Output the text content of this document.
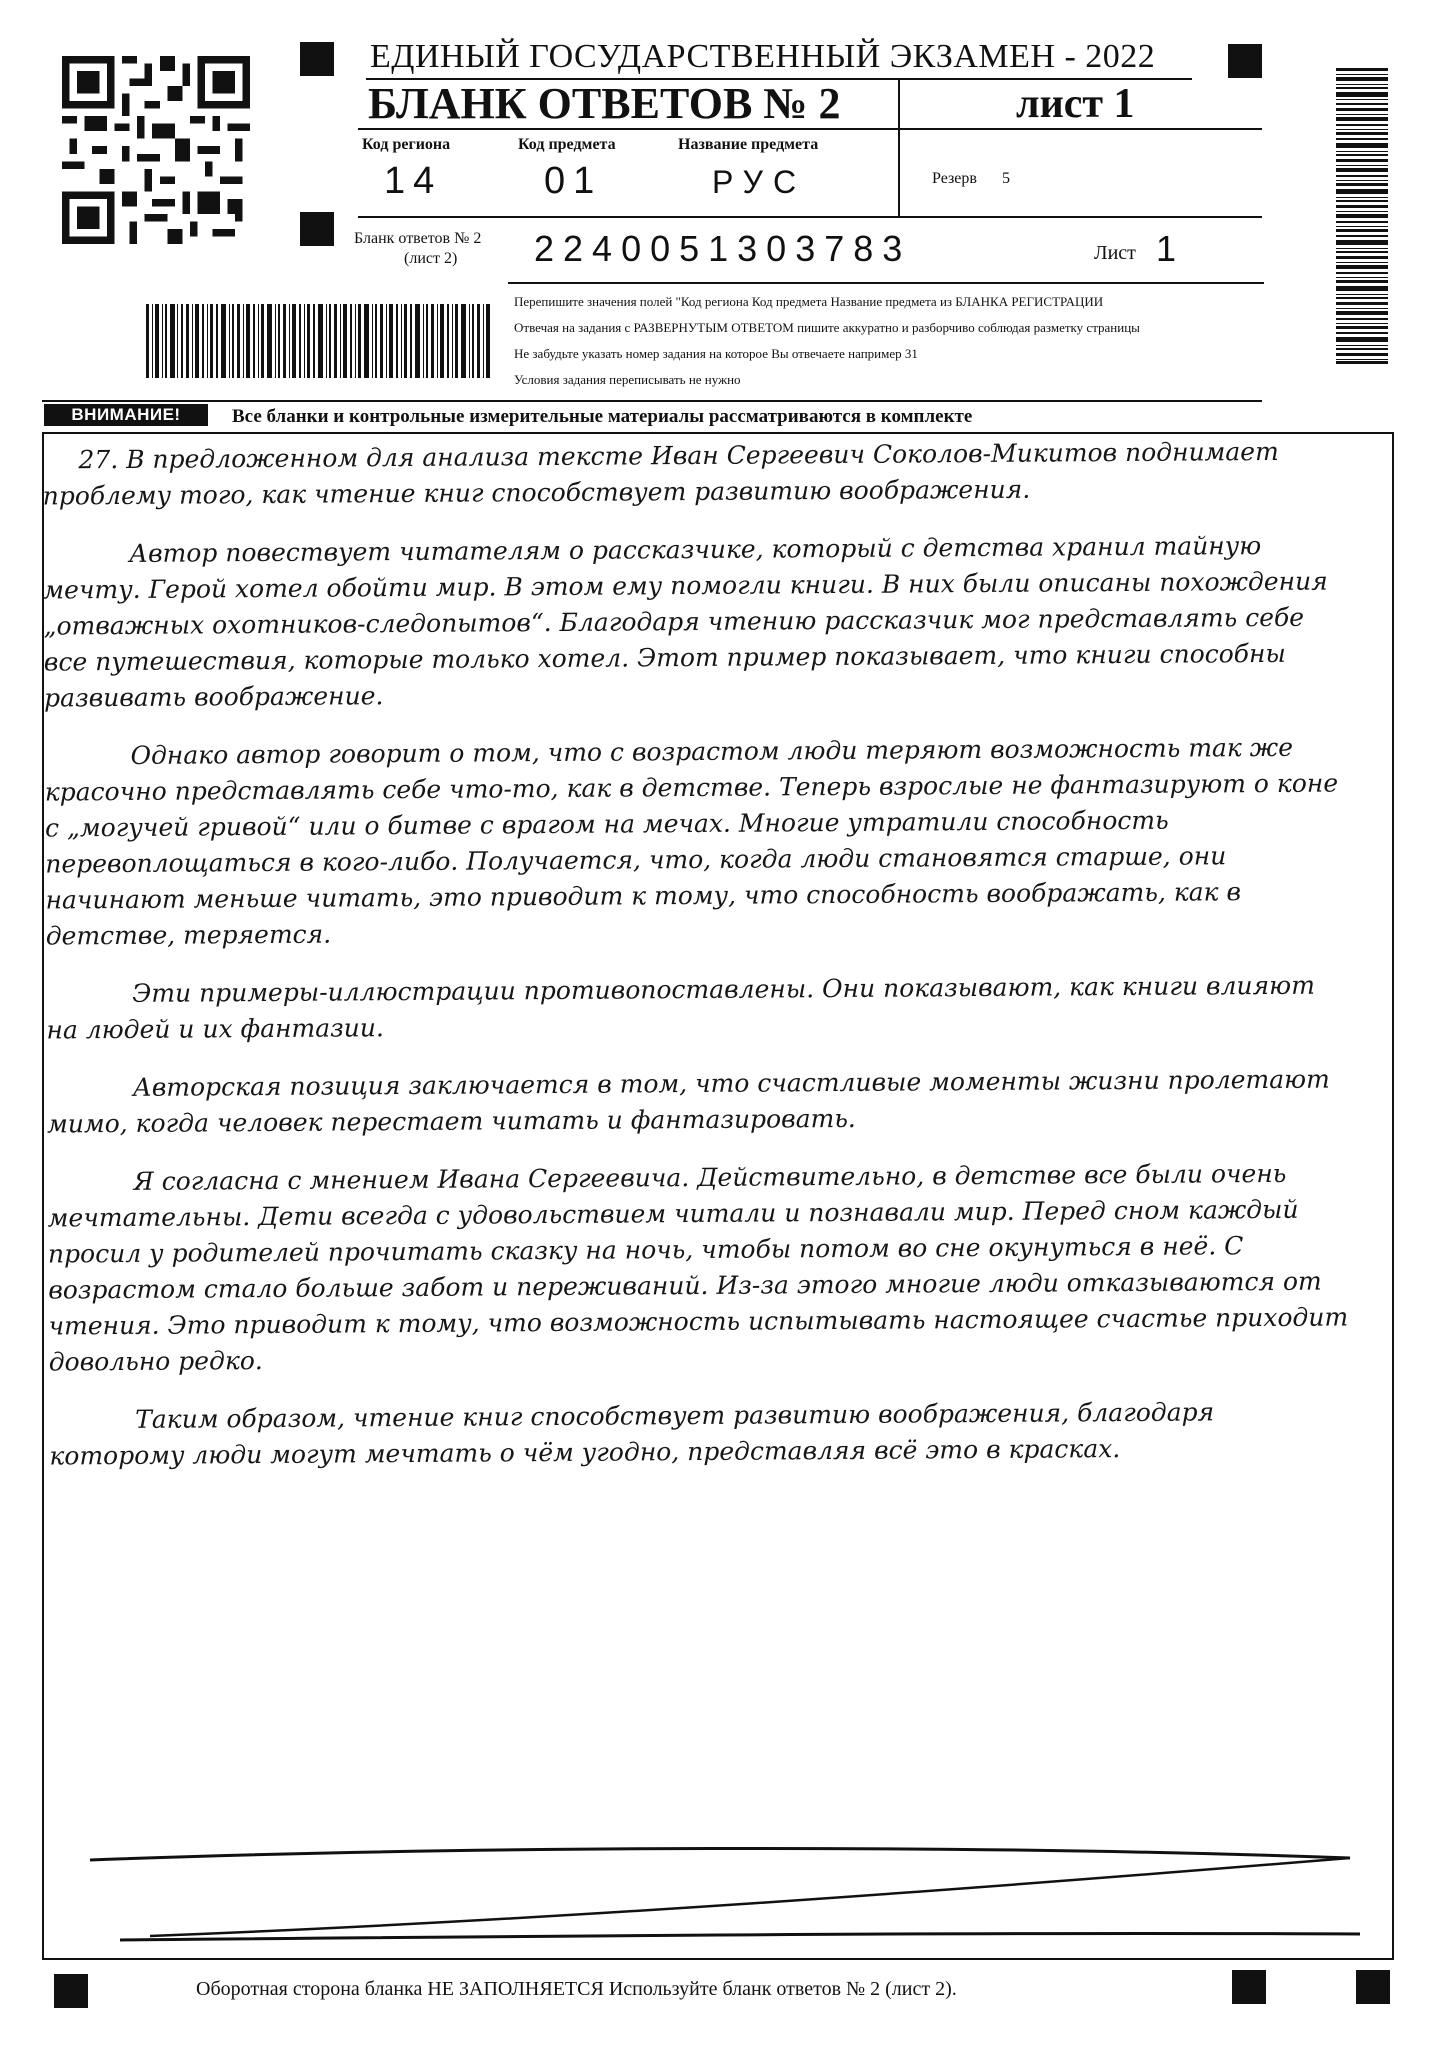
ЕДИНЫЙ ГОСУДАРСТВЕННЫЙ ЭКЗАМЕН - 2022
БЛАНК ОТВЕТОВ № 2	лист 1
Код региона
14
Код предмета
01
Название предмета
РУС	Резерв 5
Бланк ответов № 2
(лист 2) 2240051303783	Лист 1
Перепишите значения полей "Код региона Код предмета Название предмета из БЛАНКА РЕГИСТРАЦИИ
Отвечая на задания с РАЗВЕРНУТЫМ ОТВЕТОМ пишите аккуратно и разборчиво соблюдая разметку страницы
Не забудьте указать номер задания на которое Вы отвечаете например 31
Условия задания переписывать не нужно
ВНИМАНИЕ!	Все бланки и контрольные измерительные материалы рассматриваются в комплекте

27. В предложенном для анализа тексте Иван Сергеевич Соколов-Микитов поднимает проблему того, как чтение книг способствует развитию воображения.

Автор повествует читателям о рассказчике, который с детства хранил тайную мечту. Герой хотел обойти мир. В этом ему помогли книги. В них были описаны похождения „отважных охотников-следопытов“. Благодаря чтению рассказчик мог представлять себе все путешествия, которые только хотел. Этот пример показывает, что книги способны развивать воображение.

Однако автор говорит о том, что с возрастом люди теряют возможность так же красочно представлять себе что-то, как в детстве. Теперь взрослые не фантазируют о коне с „могучей гривой“ или о битве с врагом на мечах. Многие утратили способность перевоплощаться в кого-либо. Получается, что, когда люди становятся старше, они начинают меньше читать, это приводит к тому, что способность воображать, как в детстве, теряется.

Эти примеры-иллюстрации противопоставлены. Они показывают, как книги влияют на людей и их фантазии.

Авторская позиция заключается в том, что счастливые моменты жизни пролетают мимо, когда человек перестает читать и фантазировать.

Я согласна с мнением Ивана Сергеевича. Действительно, в детстве все были очень мечтательны. Дети всегда с удовольствием читали и познавали мир. Перед сном каждый просил у родителей прочитать сказку на ночь, чтобы потом во сне окунуться в неё. С возрастом стало больше забот и переживаний. Из-за этого многие люди отказываются от чтения. Это приводит к тому, что возможность испытывать настоящее счастье приходит довольно редко.

Таким образом, чтение книг способствует развитию воображения, благодаря которому люди могут мечтать о чём угодно, представляя всё это в красках.

Оборотная сторона бланка НЕ ЗАПОЛНЯЕТСЯ Используйте бланк ответов № 2 (лист 2).
